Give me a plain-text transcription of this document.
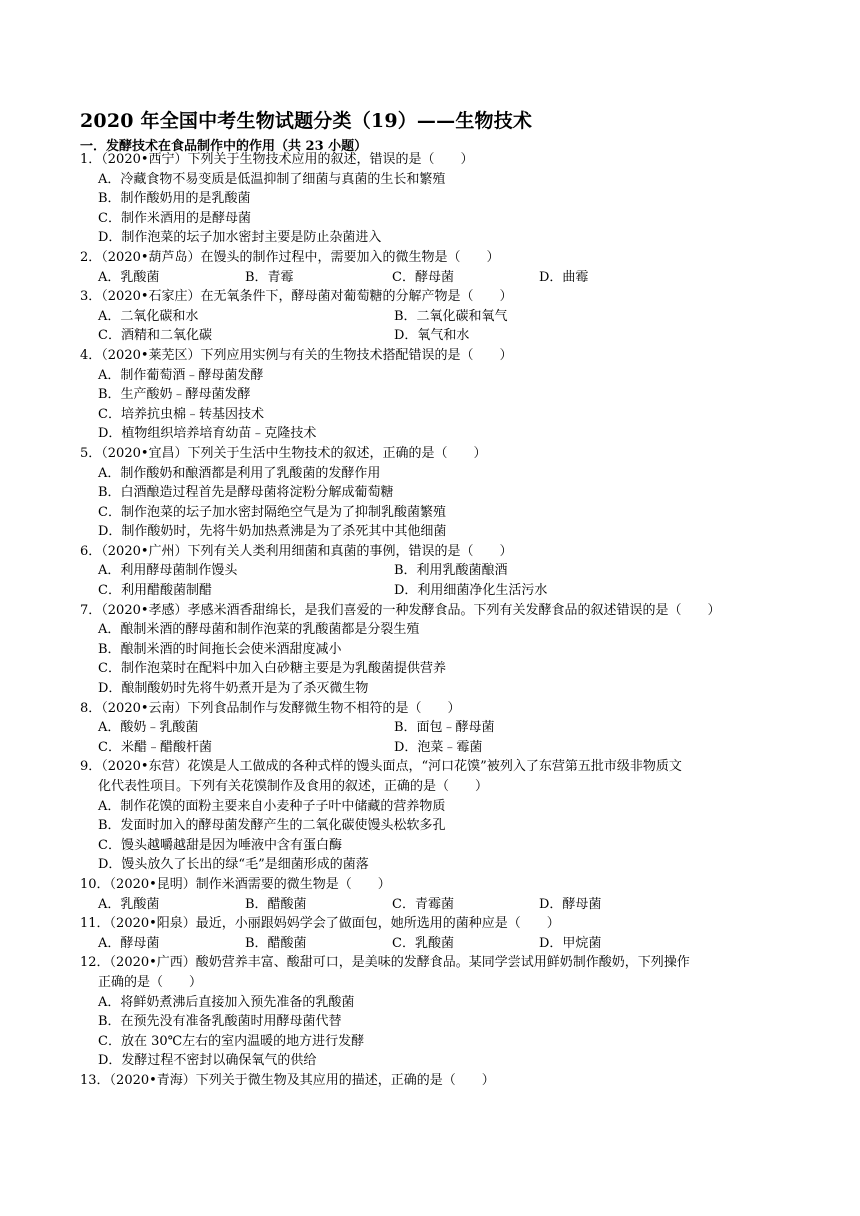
2020 年全国中考生物试题分类（19）——生物技术
一．发酵技术在食品制作中的作用（共 23 小题）
1．（2020•西宁）下列关于生物技术应用的叙述，错误的是（　　）
A．冷藏食物不易变质是低温抑制了细菌与真菌的生长和繁殖
B．制作酸奶用的是乳酸菌
C．制作米酒用的是酵母菌
D．制作泡菜的坛子加水密封主要是防止杂菌进入
2．（2020•葫芦岛）在馒头的制作过程中，需要加入的微生物是（　　）
A．乳酸菌	B．青霉	C．酵母菌	D．曲霉
3．（2020•石家庄）在无氧条件下，酵母菌对葡萄糖的分解产物是（　　）
A．二氧化碳和水	B．二氧化碳和氧气
C．酒精和二氧化碳	D．氧气和水
4．（2020•莱芜区）下列应用实例与有关的生物技术搭配错误的是（　　）
A．制作葡萄酒﹣酵母菌发酵
B．生产酸奶﹣酵母菌发酵
C．培养抗虫棉﹣转基因技术
D．植物组织培养培育幼苗﹣克隆技术
5．（2020•宜昌）下列关于生活中生物技术的叙述，正确的是（　　）
A．制作酸奶和酿酒都是利用了乳酸菌的发酵作用
B．白酒酿造过程首先是酵母菌将淀粉分解成葡萄糖
C．制作泡菜的坛子加水密封隔绝空气是为了抑制乳酸菌繁殖
D．制作酸奶时，先将牛奶加热煮沸是为了杀死其中其他细菌
6．（2020•广州）下列有关人类利用细菌和真菌的事例，错误的是（　　）
A．利用酵母菌制作馒头	B．利用乳酸菌酿酒
C．利用醋酸菌制醋	D．利用细菌净化生活污水
7．（2020•孝感）孝感米酒香甜绵长，是我们喜爱的一种发酵食品。下列有关发酵食品的叙述错误的是（　　）
A．酿制米酒的酵母菌和制作泡菜的乳酸菌都是分裂生殖
B．酿制米酒的时间拖长会使米酒甜度减小
C．制作泡菜时在配料中加入白砂糖主要是为乳酸菌提供营养
D．酿制酸奶时先将牛奶煮开是为了杀灭微生物
8．（2020•云南）下列食品制作与发酵微生物不相符的是（　　）
A．酸奶﹣乳酸菌	B．面包﹣酵母菌
C．米醋﹣醋酸杆菌	D．泡菜﹣霉菌
9．（2020•东营）花馍是人工做成的各种式样的馒头面点，“河口花馍”被列入了东营第五批市级非物质文
化代表性项目。下列有关花馍制作及食用的叙述，正确的是（　　）
A．制作花馍的面粉主要来自小麦种子子叶中储藏的营养物质
B．发面时加入的酵母菌发酵产生的二氧化碳使馒头松软多孔
C．馒头越嚼越甜是因为唾液中含有蛋白酶
D．馒头放久了长出的绿“毛”是细菌形成的菌落
10．（2020•昆明）制作米酒需要的微生物是（　　）
A．乳酸菌	B．醋酸菌	C．青霉菌	D．酵母菌
11．（2020•阳泉）最近，小丽跟妈妈学会了做面包，她所选用的菌种应是（　　）
A．酵母菌	B．醋酸菌	C．乳酸菌	D．甲烷菌
12．（2020•广西）酸奶营养丰富、酸甜可口，是美味的发酵食品。某同学尝试用鲜奶制作酸奶，下列操作
正确的是（　　）
A．将鲜奶煮沸后直接加入预先准备的乳酸菌
B．在预先没有准备乳酸菌时用酵母菌代替
C．放在 30℃左右的室内温暖的地方进行发酵
D．发酵过程不密封以确保氧气的供给
13．（2020•青海）下列关于微生物及其应用的描述，正确的是（　　）
